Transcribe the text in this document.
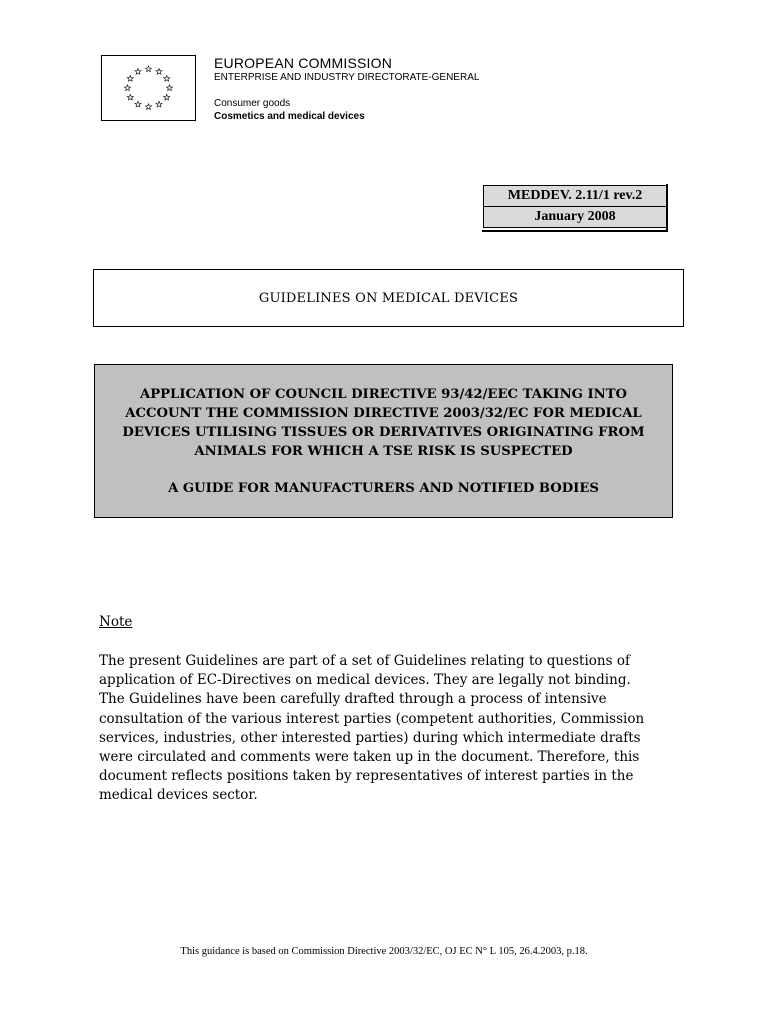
EUROPEAN COMMISSION
ENTERPRISE AND INDUSTRY DIRECTORATE-GENERAL
Consumer goods
Cosmetics and medical devices
MEDDEV. 2.11/1 rev.2
January 2008
GUIDELINES ON MEDICAL DEVICES
APPLICATION OF COUNCIL DIRECTIVE 93/42/EEC TAKING INTO ACCOUNT THE COMMISSION DIRECTIVE 2003/32/EC FOR MEDICAL DEVICES UTILISING TISSUES OR DERIVATIVES ORIGINATING FROM ANIMALS FOR WHICH A TSE RISK IS SUSPECTED
A GUIDE FOR MANUFACTURERS AND NOTIFIED BODIES
Note
The present Guidelines are part of a set of Guidelines relating to questions of application of EC-Directives on medical devices. They are legally not binding. The Guidelines have been carefully drafted through a process of intensive consultation of the various interest parties (competent authorities, Commission services, industries, other interested parties) during which intermediate drafts were circulated and comments were taken up in the document. Therefore, this document reflects positions taken by representatives of interest parties in the medical devices sector.
This guidance is based on Commission Directive 2003/32/EC, OJ EC N° L 105, 26.4.2003, p.18.
